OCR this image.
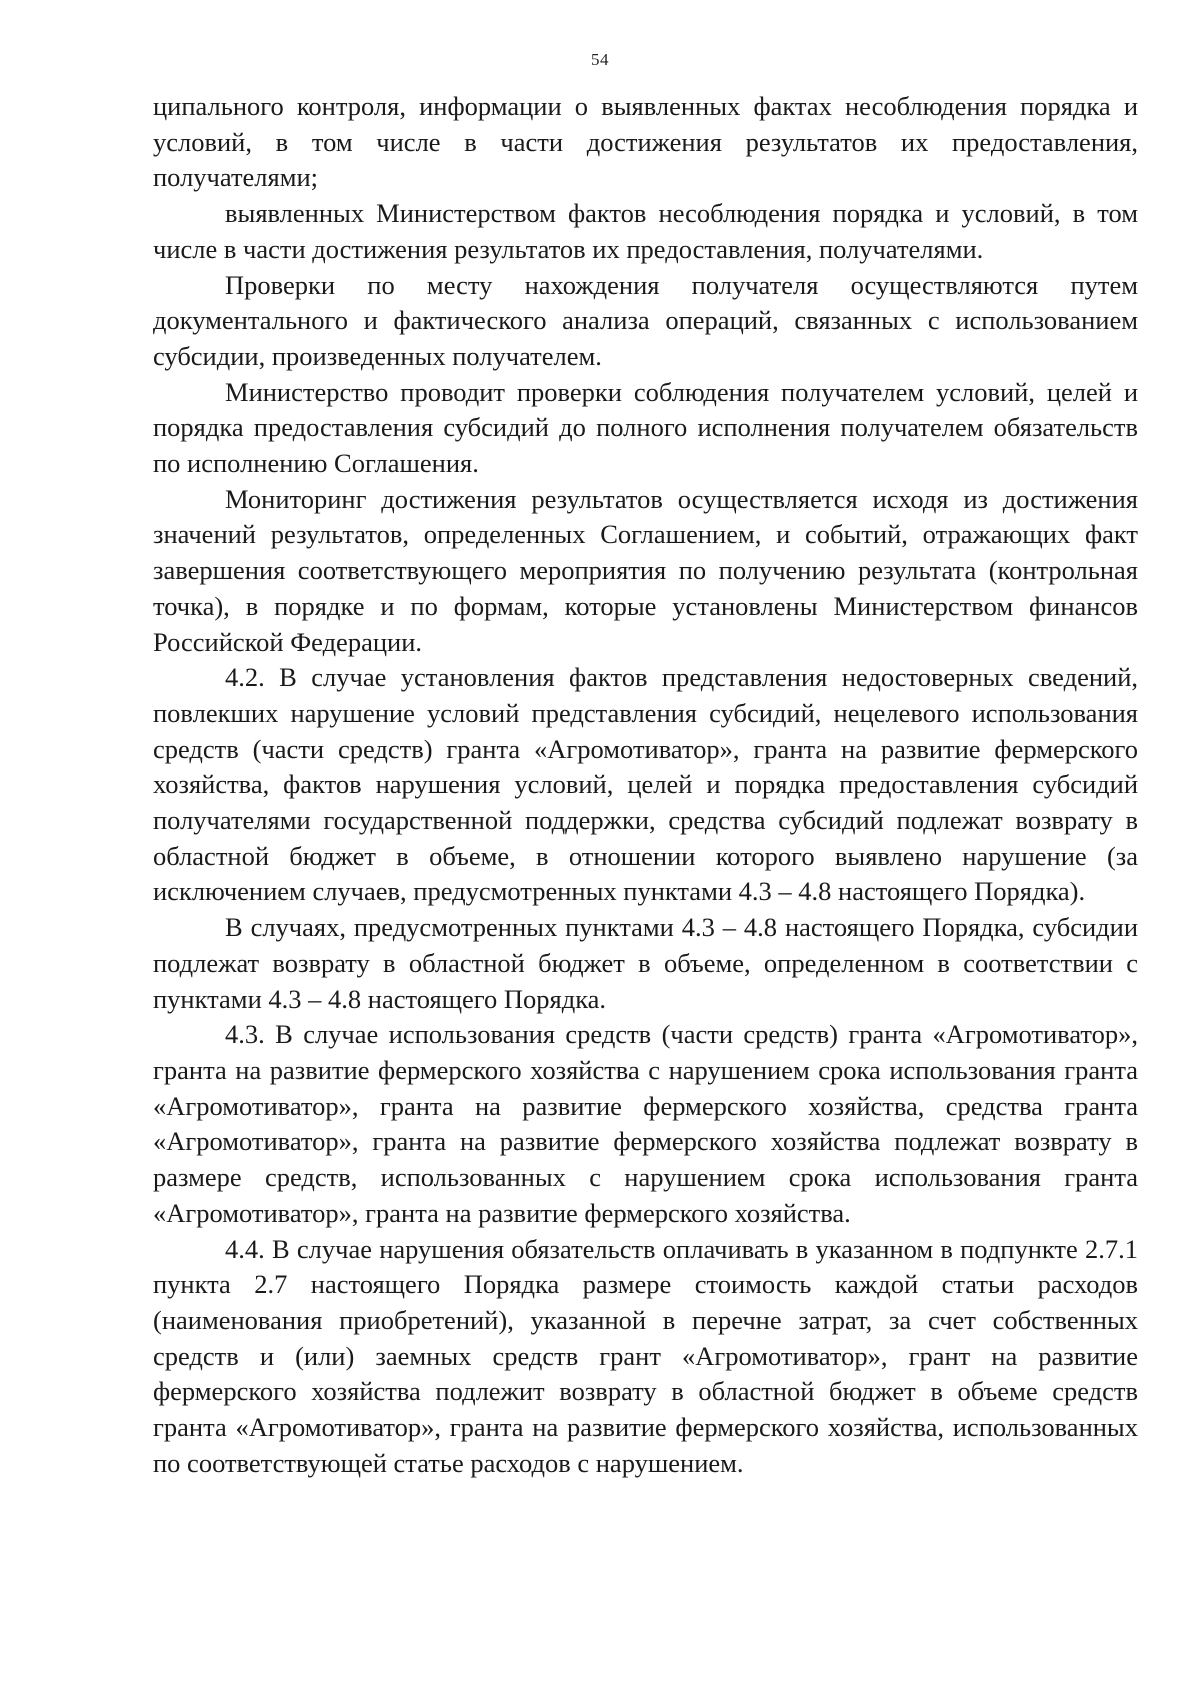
54

ципального контроля, информации о выявленных фактах несоблюдения порядка и условий, в том числе в части достижения результатов их предоставления, получателями;

выявленных Министерством фактов несоблюдения порядка и условий, в том числе в части достижения результатов их предоставления, получателями.

Проверки по месту нахождения получателя осуществляются путем документального и фактического анализа операций, связанных с использованием субсидии, произведенных получателем.

Министерство проводит проверки соблюдения получателем условий, целей и порядка предоставления субсидий до полного исполнения получателем обязательств по исполнению Соглашения.

Мониторинг достижения результатов осуществляется исходя из достижения значений результатов, определенных Соглашением, и событий, отражающих факт завершения соответствующего мероприятия по получению результата (контрольная точка), в порядке и по формам, которые установлены Министерством финансов Российской Федерации.

4.2. В случае установления фактов представления недостоверных сведений, повлекших нарушение условий представления субсидий, нецелевого использования средств (части средств) гранта «Агромотиватор», гранта на развитие фермерского хозяйства, фактов нарушения условий, целей и порядка предоставления субсидий получателями государственной поддержки, средства субсидий подлежат возврату в областной бюджет в объеме, в отношении которого выявлено нарушение (за исключением случаев, предусмотренных пунктами 4.3 – 4.8 настоящего Порядка).

В случаях, предусмотренных пунктами 4.3 – 4.8 настоящего Порядка, субсидии подлежат возврату в областной бюджет в объеме, определенном в соответствии с пунктами 4.3 – 4.8 настоящего Порядка.

4.3. В случае использования средств (части средств) гранта «Агромотиватор», гранта на развитие фермерского хозяйства с нарушением срока использования гранта «Агромотиватор», гранта на развитие фермерского хозяйства, средства гранта «Агромотиватор», гранта на развитие фермерского хозяйства подлежат возврату в размере средств, использованных с нарушением срока использования гранта «Агромотиватор», гранта на развитие фермерского хозяйства.

4.4. В случае нарушения обязательств оплачивать в указанном в подпункте 2.7.1 пункта 2.7 настоящего Порядка размере стоимость каждой статьи расходов (наименования приобретений), указанной в перечне затрат, за счет собственных средств и (или) заемных средств грант «Агромотиватор», грант на развитие фермерского хозяйства подлежит возврату в областной бюджет в объеме средств гранта «Агромотиватор», гранта на развитие фермерского хозяйства, использованных по соответствующей статье расходов с нарушением.
